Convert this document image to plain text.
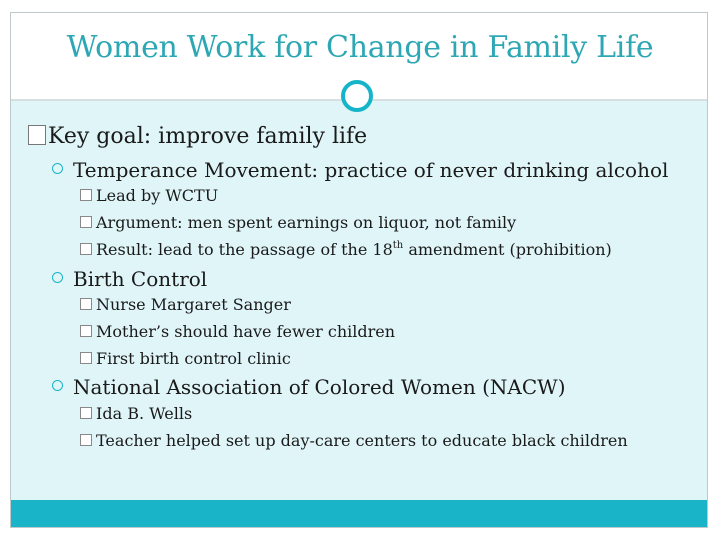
Women Work for Change in Family Life
Key goal: improve family life
Temperance Movement: practice of never drinking alcohol
Lead by WCTU
Argument: men spent earnings on liquor, not family
Result: lead to the passage of the 18th amendment (prohibition)
Birth Control
Nurse Margaret Sanger
Mother’s should have fewer children
First birth control clinic
National Association of Colored Women (NACW)
Ida B. Wells
Teacher helped set up day-care centers to educate black children
